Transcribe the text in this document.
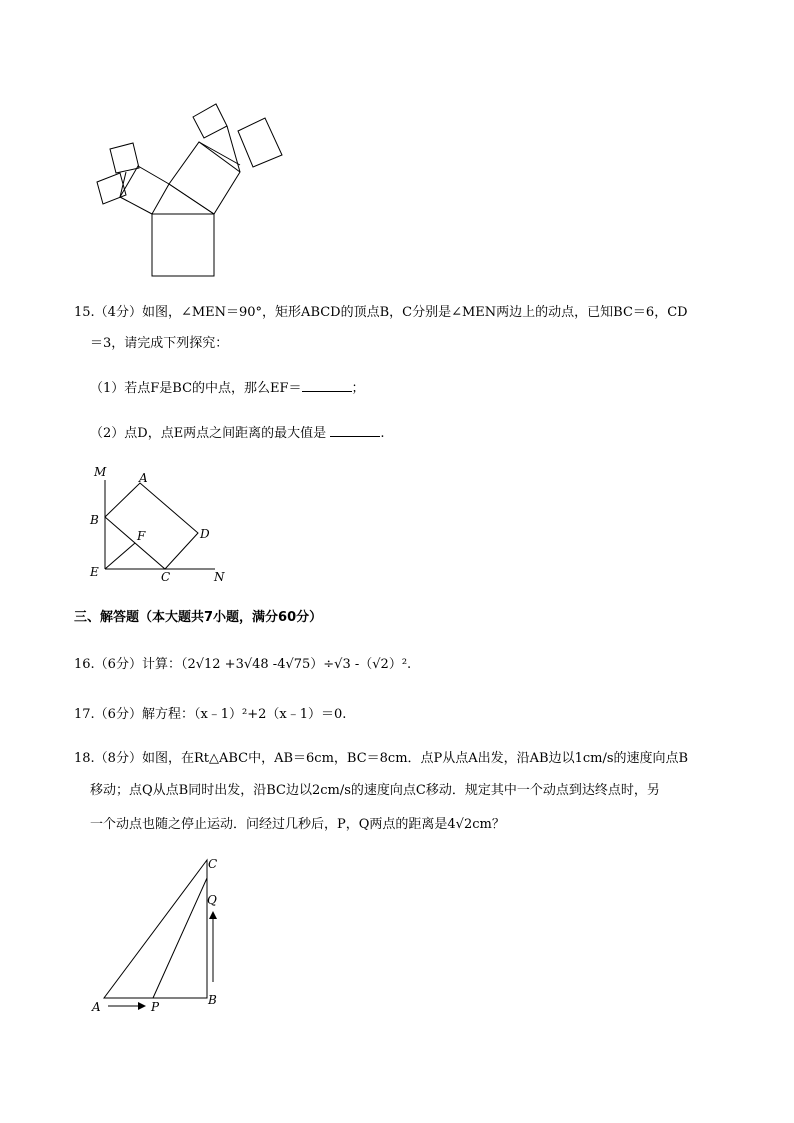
15.（4分）如图，∠MEN＝90°，矩形ABCD的顶点B，C分别是∠MEN两边上的动点，已知BC＝6，CD
＝3，请完成下列探究：
（1）若点F是BC的中点，那么EF＝	；
（2）点D，点E两点之间距离的最大值是	.
M	A
B
F	D
E	C	N
三、解答题（本大题共7小题，满分60分）
16.（6分）计算：（2√12 +3√48 -4√75）÷√3 -（√2）².
17.（6分）解方程：（x﹣1）²+2（x﹣1）＝0.
18.（8分）如图，在Rt△ABC中，AB＝6cm，BC＝8cm．点P从点A出发，沿AB边以1cm/s的速度向点B
移动；点Q从点B同时出发，沿BC边以2cm/s的速度向点C移动．规定其中一个动点到达终点时，另
一个动点也随之停止运动．问经过几秒后，P，Q两点的距离是4√2cm？
C
Q
A	P	B
